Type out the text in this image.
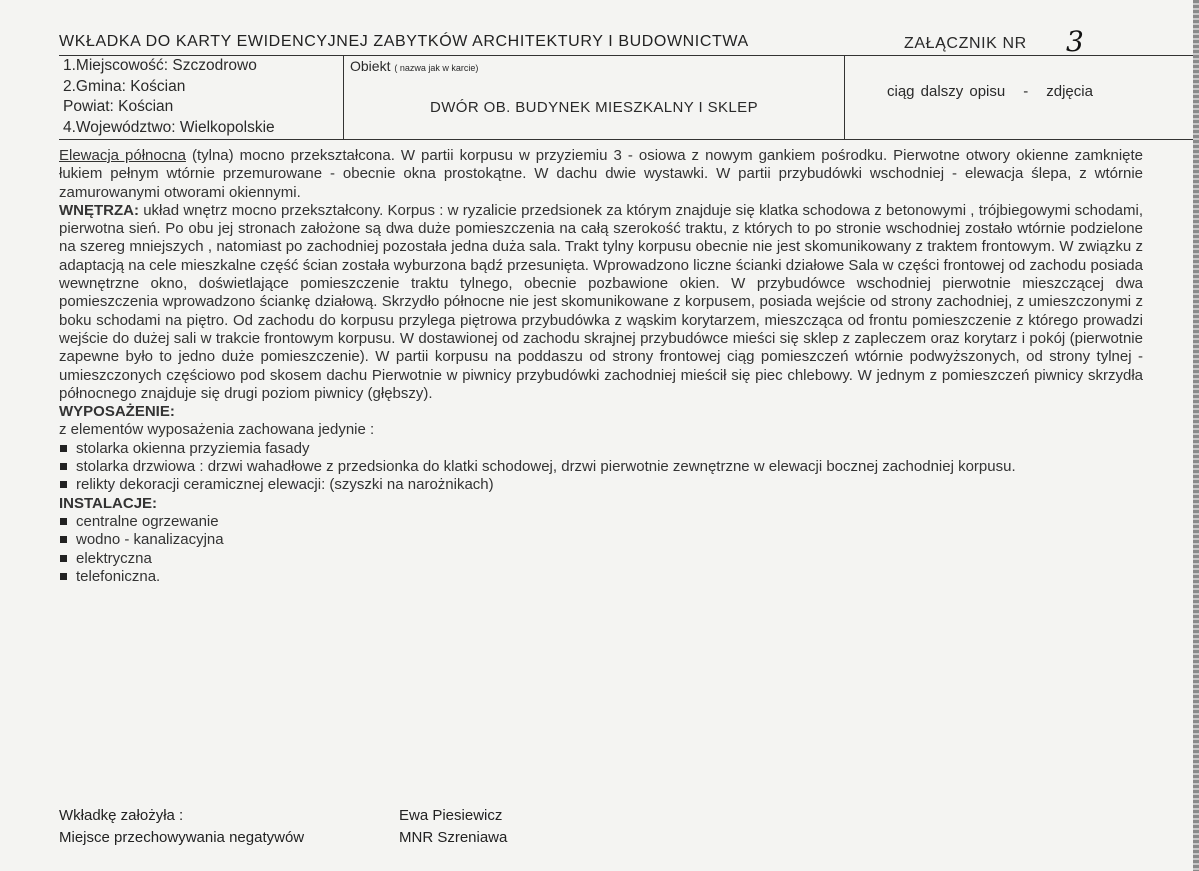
WKŁADKA DO KARTY EWIDENCYJNEJ ZABYTKÓW ARCHITEKTURY I BUDOWNICTWA	ZAŁĄCZNIK NR 3
1.Miejscowość: Szczodrowo
2.Gmina: Kościan
Powiat: Kościan
4.Województwo: Wielkopolskie
Obiekt ( nazwa jak w karcie)
DWÓR OB. BUDYNEK MIESZKALNY I SKLEP
ciąg dalszy opisu - zdjęcia

Elewacja północna (tylna) mocno przekształcona. W partii korpusu w przyziemiu 3 - osiowa z nowym gankiem pośrodku. Pierwotne otwory okienne zamknięte łukiem pełnym wtórnie przemurowane - obecnie okna prostokątne. W dachu dwie wystawki. W partii przybudówki wschodniej - elewacja ślepa, z wtórnie zamurowanymi otworami okiennymi.

WNĘTRZA: układ wnętrz mocno przekształcony. Korpus : w ryzalicie przedsionek za którym znajduje się klatka schodowa z betonowymi , trójbiegowymi schodami, pierwotna sień. Po obu jej stronach założone są dwa duże pomieszczenia na całą szerokość traktu, z których to po stronie wschodniej zostało wtórnie podzielone na szereg mniejszych , natomiast po zachodniej pozostała jedna duża sala. Trakt tylny korpusu obecnie nie jest skomunikowany z traktem frontowym. W związku z adaptacją na cele mieszkalne część ścian została wyburzona bądź przesunięta. Wprowadzono liczne ścianki działowe Sala w części frontowej od zachodu posiada wewnętrzne okno, doświetlające pomieszczenie traktu tylnego, obecnie pozbawione okien. W przybudówce wschodniej pierwotnie mieszczącej dwa pomieszczenia wprowadzono ściankę działową. Skrzydło północne nie jest skomunikowane z korpusem, posiada wejście od strony zachodniej, z umieszczonymi z boku schodami na piętro. Od zachodu do korpusu przylega piętrowa przybudówka z wąskim korytarzem, mieszcząca od frontu pomieszczenie z którego prowadzi wejście do dużej sali w trakcie frontowym korpusu. W dostawionej od zachodu skrajnej przybudówce mieści się sklep z zapleczem oraz korytarz i pokój (pierwotnie zapewne było to jedno duże pomieszczenie). W partii korpusu na poddaszu od strony frontowej ciąg pomieszczeń wtórnie podwyższonych, od strony tylnej - umieszczonych częściowo pod skosem dachu Pierwotnie w piwnicy przybudówki zachodniej mieścił się piec chlebowy. W jednym z pomieszczeń piwnicy skrzydła północnego znajduje się drugi poziom piwnicy (głębszy).

WYPOSAŻENIE:
z elementów wyposażenia zachowana jedynie :
stolarka okienna przyziemia fasady
stolarka drzwiowa : drzwi wahadłowe z przedsionka do klatki schodowej, drzwi pierwotnie zewnętrzne w elewacji bocznej zachodniej korpusu.
relikty dekoracji ceramicznej elewacji: (szyszki na narożnikach)
INSTALACJE:
centralne ogrzewanie
wodno - kanalizacyjna
elektryczna
telefoniczna.
Wkładkę założyła :
Miejsce przechowywania negatywów
Ewa Piesiewicz
MNR Szreniawa
